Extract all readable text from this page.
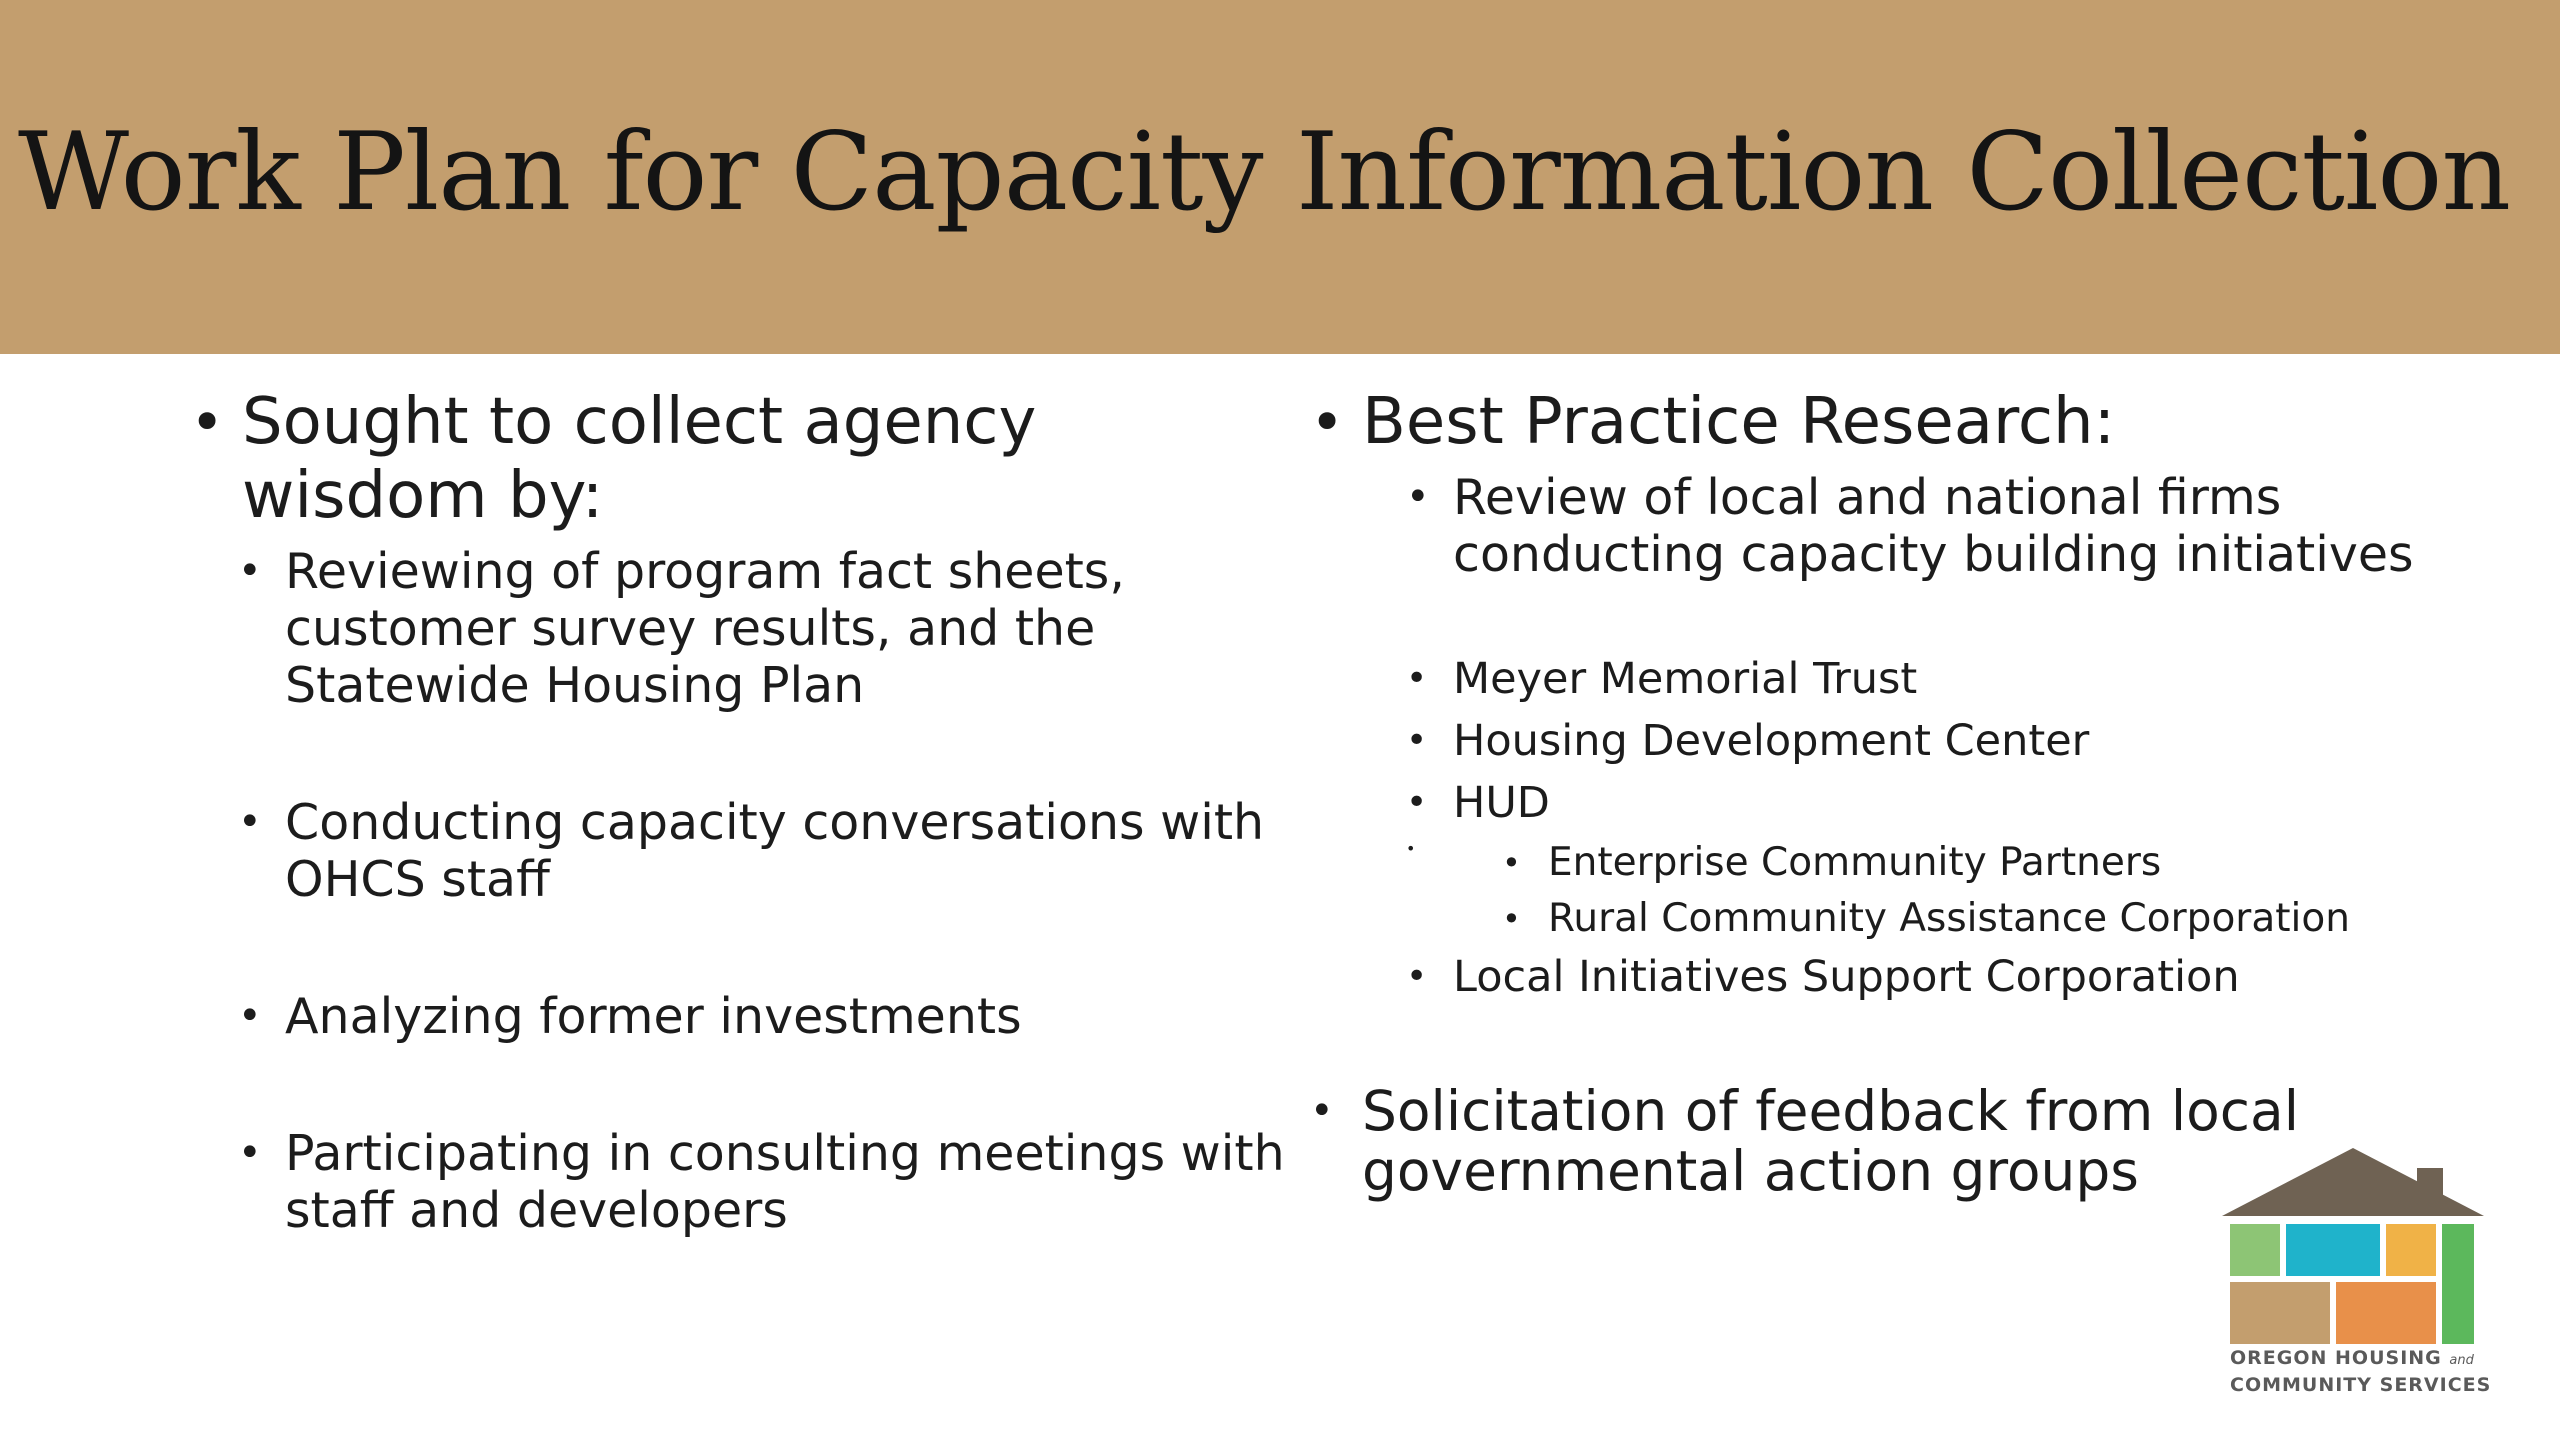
Work Plan for Capacity Information Collection
• Sought to collect agency wisdom by:
• Reviewing of program fact sheets, customer survey results, and the Statewide Housing Plan
• Conducting capacity conversations with OHCS staff
• Analyzing former investments
• Participating in consulting meetings with staff and developers
• Best Practice Research:
• Review of local and national firms conducting capacity building initiatives
• Meyer Memorial Trust
• Housing Development Center
• HUD
• • Enterprise Community Partners
• Rural Community Assistance Corporation
• Local Initiatives Support Corporation
• Solicitation of feedback from local governmental action groups
OREGON HOUSING and
COMMUNITY SERVICES
